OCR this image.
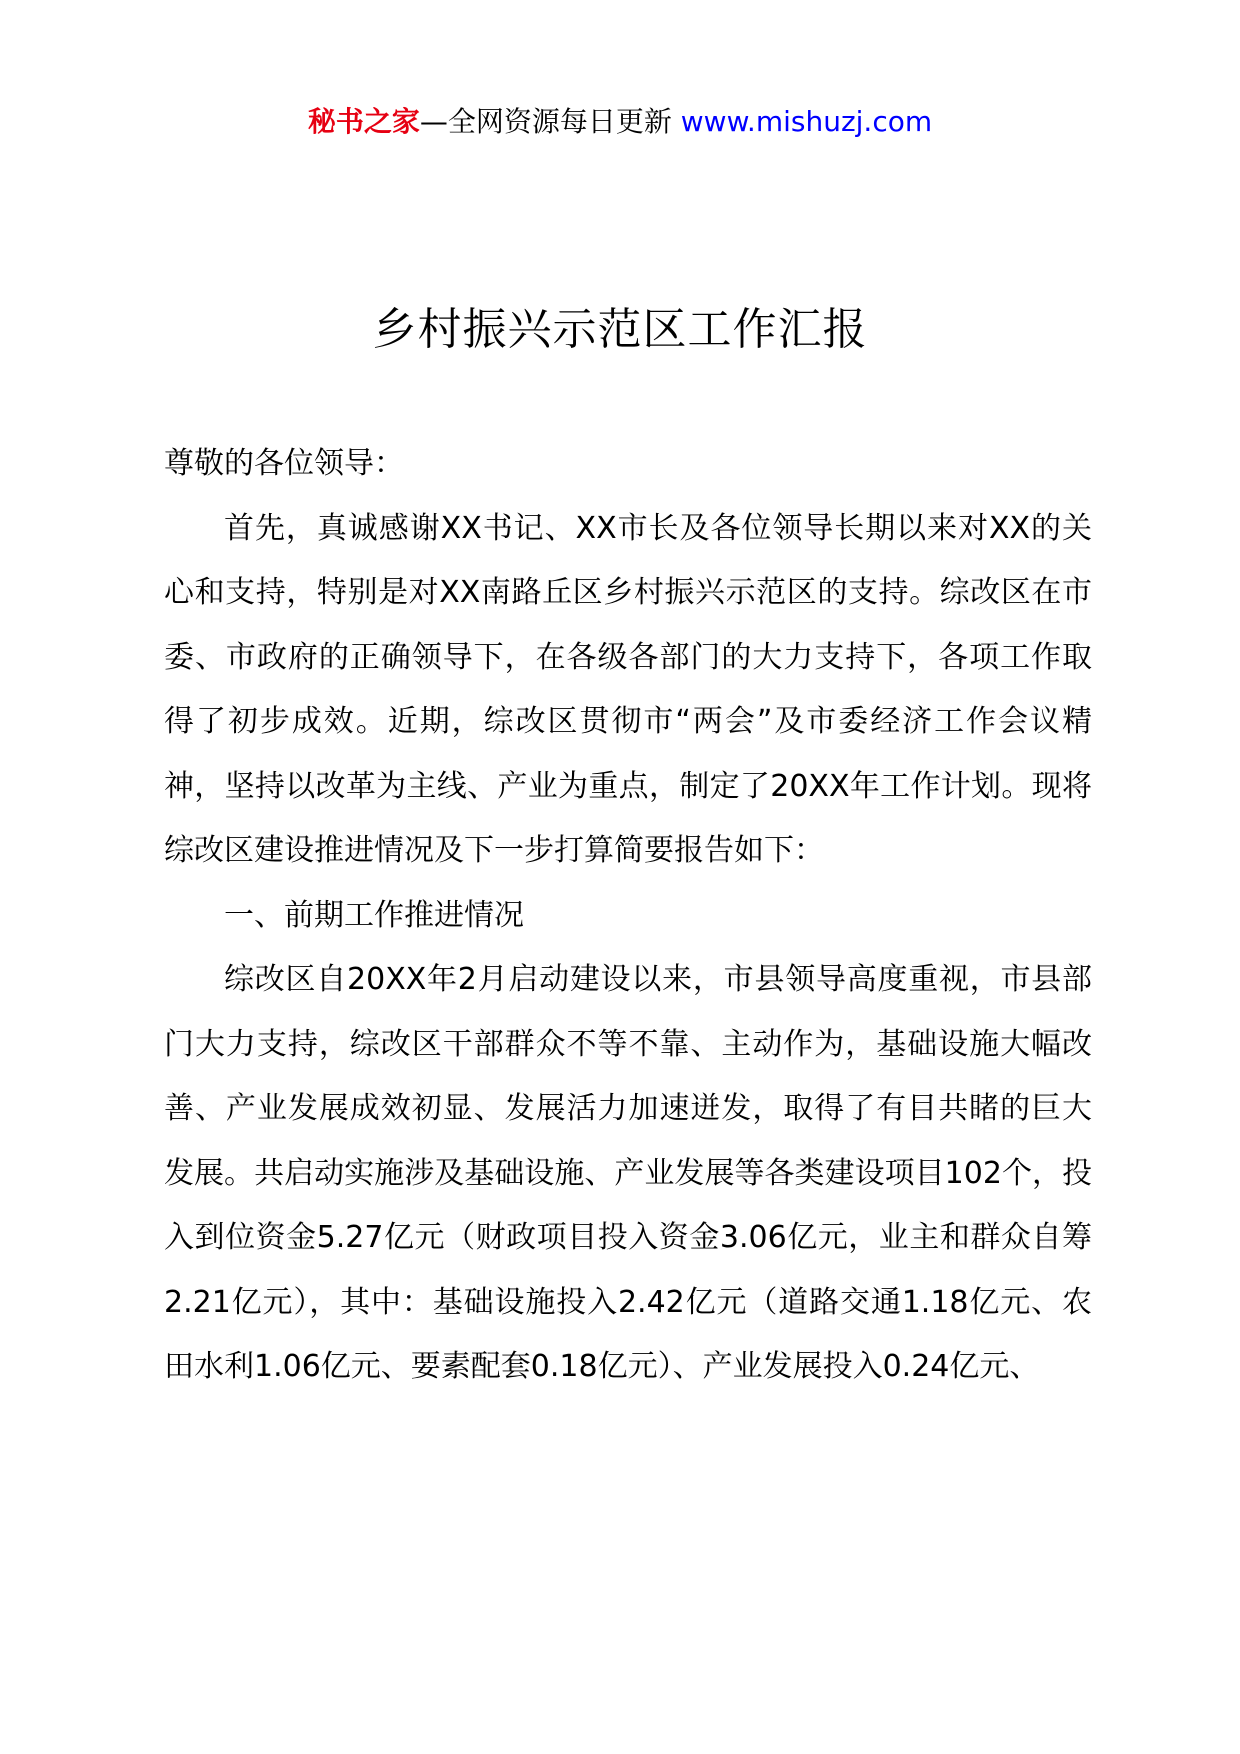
秘书之家—全网资源每日更新 www.mishuzj.com
乡村振兴示范区工作汇报

尊敬的各位领导：

首先，真诚感谢XX书记、XX市长及各位领导长期以来对XX的关心和支持，特别是对XX南路丘区乡村振兴示范区的支持。综改区在市委、市政府的正确领导下，在各级各部门的大力支持下，各项工作取得了初步成效。近期，综改区贯彻市“两会”及市委经济工作会议精神，坚持以改革为主线、产业为重点，制定了20XX年工作计划。现将综改区建设推进情况及下一步打算简要报告如下：

一、前期工作推进情况

综改区自20XX年2月启动建设以来，市县领导高度重视，市县部门大力支持，综改区干部群众不等不靠、主动作为，基础设施大幅改善、产业发展成效初显、发展活力加速迸发，取得了有目共睹的巨大发展。共启动实施涉及基础设施、产业发展等各类建设项目102个，投入到位资金5.27亿元（财政项目投入资金3.06亿元，业主和群众自筹2.21亿元），其中：基础设施投入2.42亿元（道路交通1.18亿元、农田水利1.06亿元、要素配套0.18亿元）、产业发展投入0.24亿元、
